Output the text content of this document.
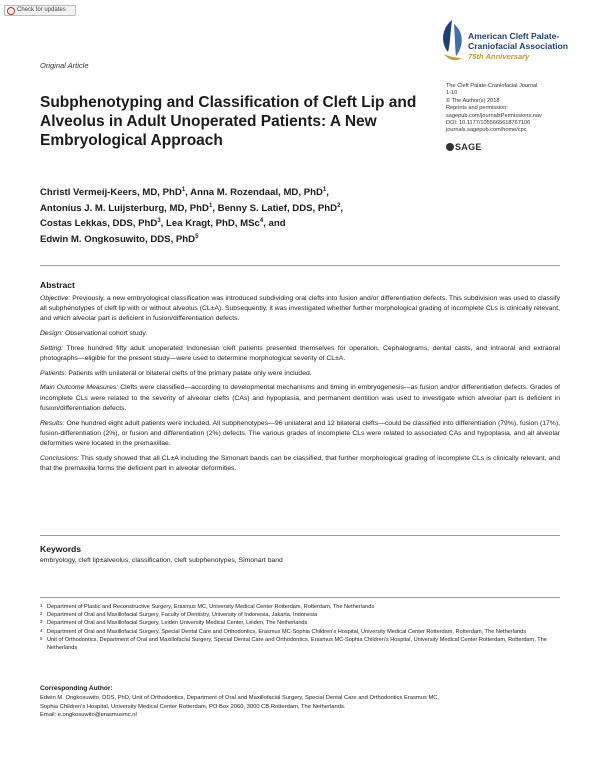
Check for updates
American Cleft Palate-
Craniofacial Association
75th Anniversary
Original Article
The Cleft Palate-Craniofacial Journal
1-10
© The Author(s) 2018
Reprints and permission:
sagepub.com/journalsPermissions.nav
DOI: 10.1177/1055665618767106
journals.sagepub.com/home/cpc
SAGE
Subphenotyping and Classification of Cleft Lip and Alveolus in Adult Unoperated Patients: A New Embryological Approach
Christl Vermeij-Keers, MD, PhD$^1$, Anna M. Rozendaal, MD, PhD$^1$,
Antonius J. M. Luijsterburg, MD, PhD$^1$, Benny S. Latief, DDS, PhD$^2$,
Costas Lekkas, DDS, PhD$^3$, Lea Kragt, PhD, MSc$^4$, and
Edwin M. Ongkosuwito, DDS, PhD$^5$
Abstract

Objective: Previously, a new embryological classification was introduced subdividing oral clefts into fusion and/or differentiation defects. This subdivision was used to classify all subphenotypes of cleft lip with or without alveolus (CL±A). Subsequently, it was investigated whether further morphological grading of incomplete CLs is clinically relevant, and which alveolar part is deficient in fusion/differentiation defects.

Design: Observational cohort study.

Setting: Three hundred fifty adult unoperated Indonesian cleft patients presented themselves for operation. Cephalograms, dental casts, and intraoral and extraoral photographs—eligible for the present study—were used to determine morphological severity of CL±A.

Patients: Patients with unilateral or bilateral clefts of the primary palate only were included.

Main Outcome Measures: Clefts were classified—according to developmental mechanisms and timing in embryogenesis—as fusion and/or differentiation defects. Grades of incomplete CLs were related to the severity of alveolar clefts (CAs) and hypoplasia, and permanent dentition was used to investigate which alveolar part is deficient in fusion/differentiation defects.

Results: One hundred eight adult patients were included. All subphenotypes—96 unilateral and 12 bilateral clefts—could be classified into differentiation (79%), fusion (17%), fusion-differentiation (2%), or fusion and differentiation (2%) defects. The various grades of incomplete CLs were related to associated CAs and hypoplasia, and all alveolar deformities were located in the premaxillae.

Conclusions: This study showed that all CL±A including the Simonart bands can be classified, that further morphological grading of incomplete CLs is clinically relevant, and that the premaxilla forms the deficient part in alveolar deformities.

Keywords
embryology, cleft lip±alveolus, classification, cleft subphenotypes, Simonart band
1 Department of Plastic and Reconstructive Surgery, Erasmus MC, University Medical Center Rotterdam, Rotterdam, The Netherlands
2 Department of Oral and Maxillofacial Surgery, Faculty of Dentistry, University of Indonesia, Jakarta, Indonesia
3 Department of Oral and Maxillofacial Surgery, Leiden University Medical Center, Leiden, The Netherlands
4 Department of Oral and Maxillofacial Surgery, Special Dental Care and Orthodontics, Erasmus MC-Sophia Children's Hospital, University Medical Center Rotterdam, Rotterdam, The Netherlands
5 Unit of Orthodontics, Department of Oral and Maxillofacial Surgery, Special Dental Care and Orthodontics, Erasmus MC-Sophia Children's Hospital, University Medical Center Rotterdam, Rotterdam, The Netherlands
Corresponding Author:
Edwin M. Ongkosuwito, DDS, PhD, Unit of Orthodontics, Department of Oral and Maxillofacial Surgery, Special Dental Care and Orthodontics Erasmus MC,
Sophia Children's Hospital, University Medical Center Rotterdam, PO Box 2060, 3000 CB Rotterdam, The Netherlands.
Email: e.ongkosuwito@erasmusmc.nl
